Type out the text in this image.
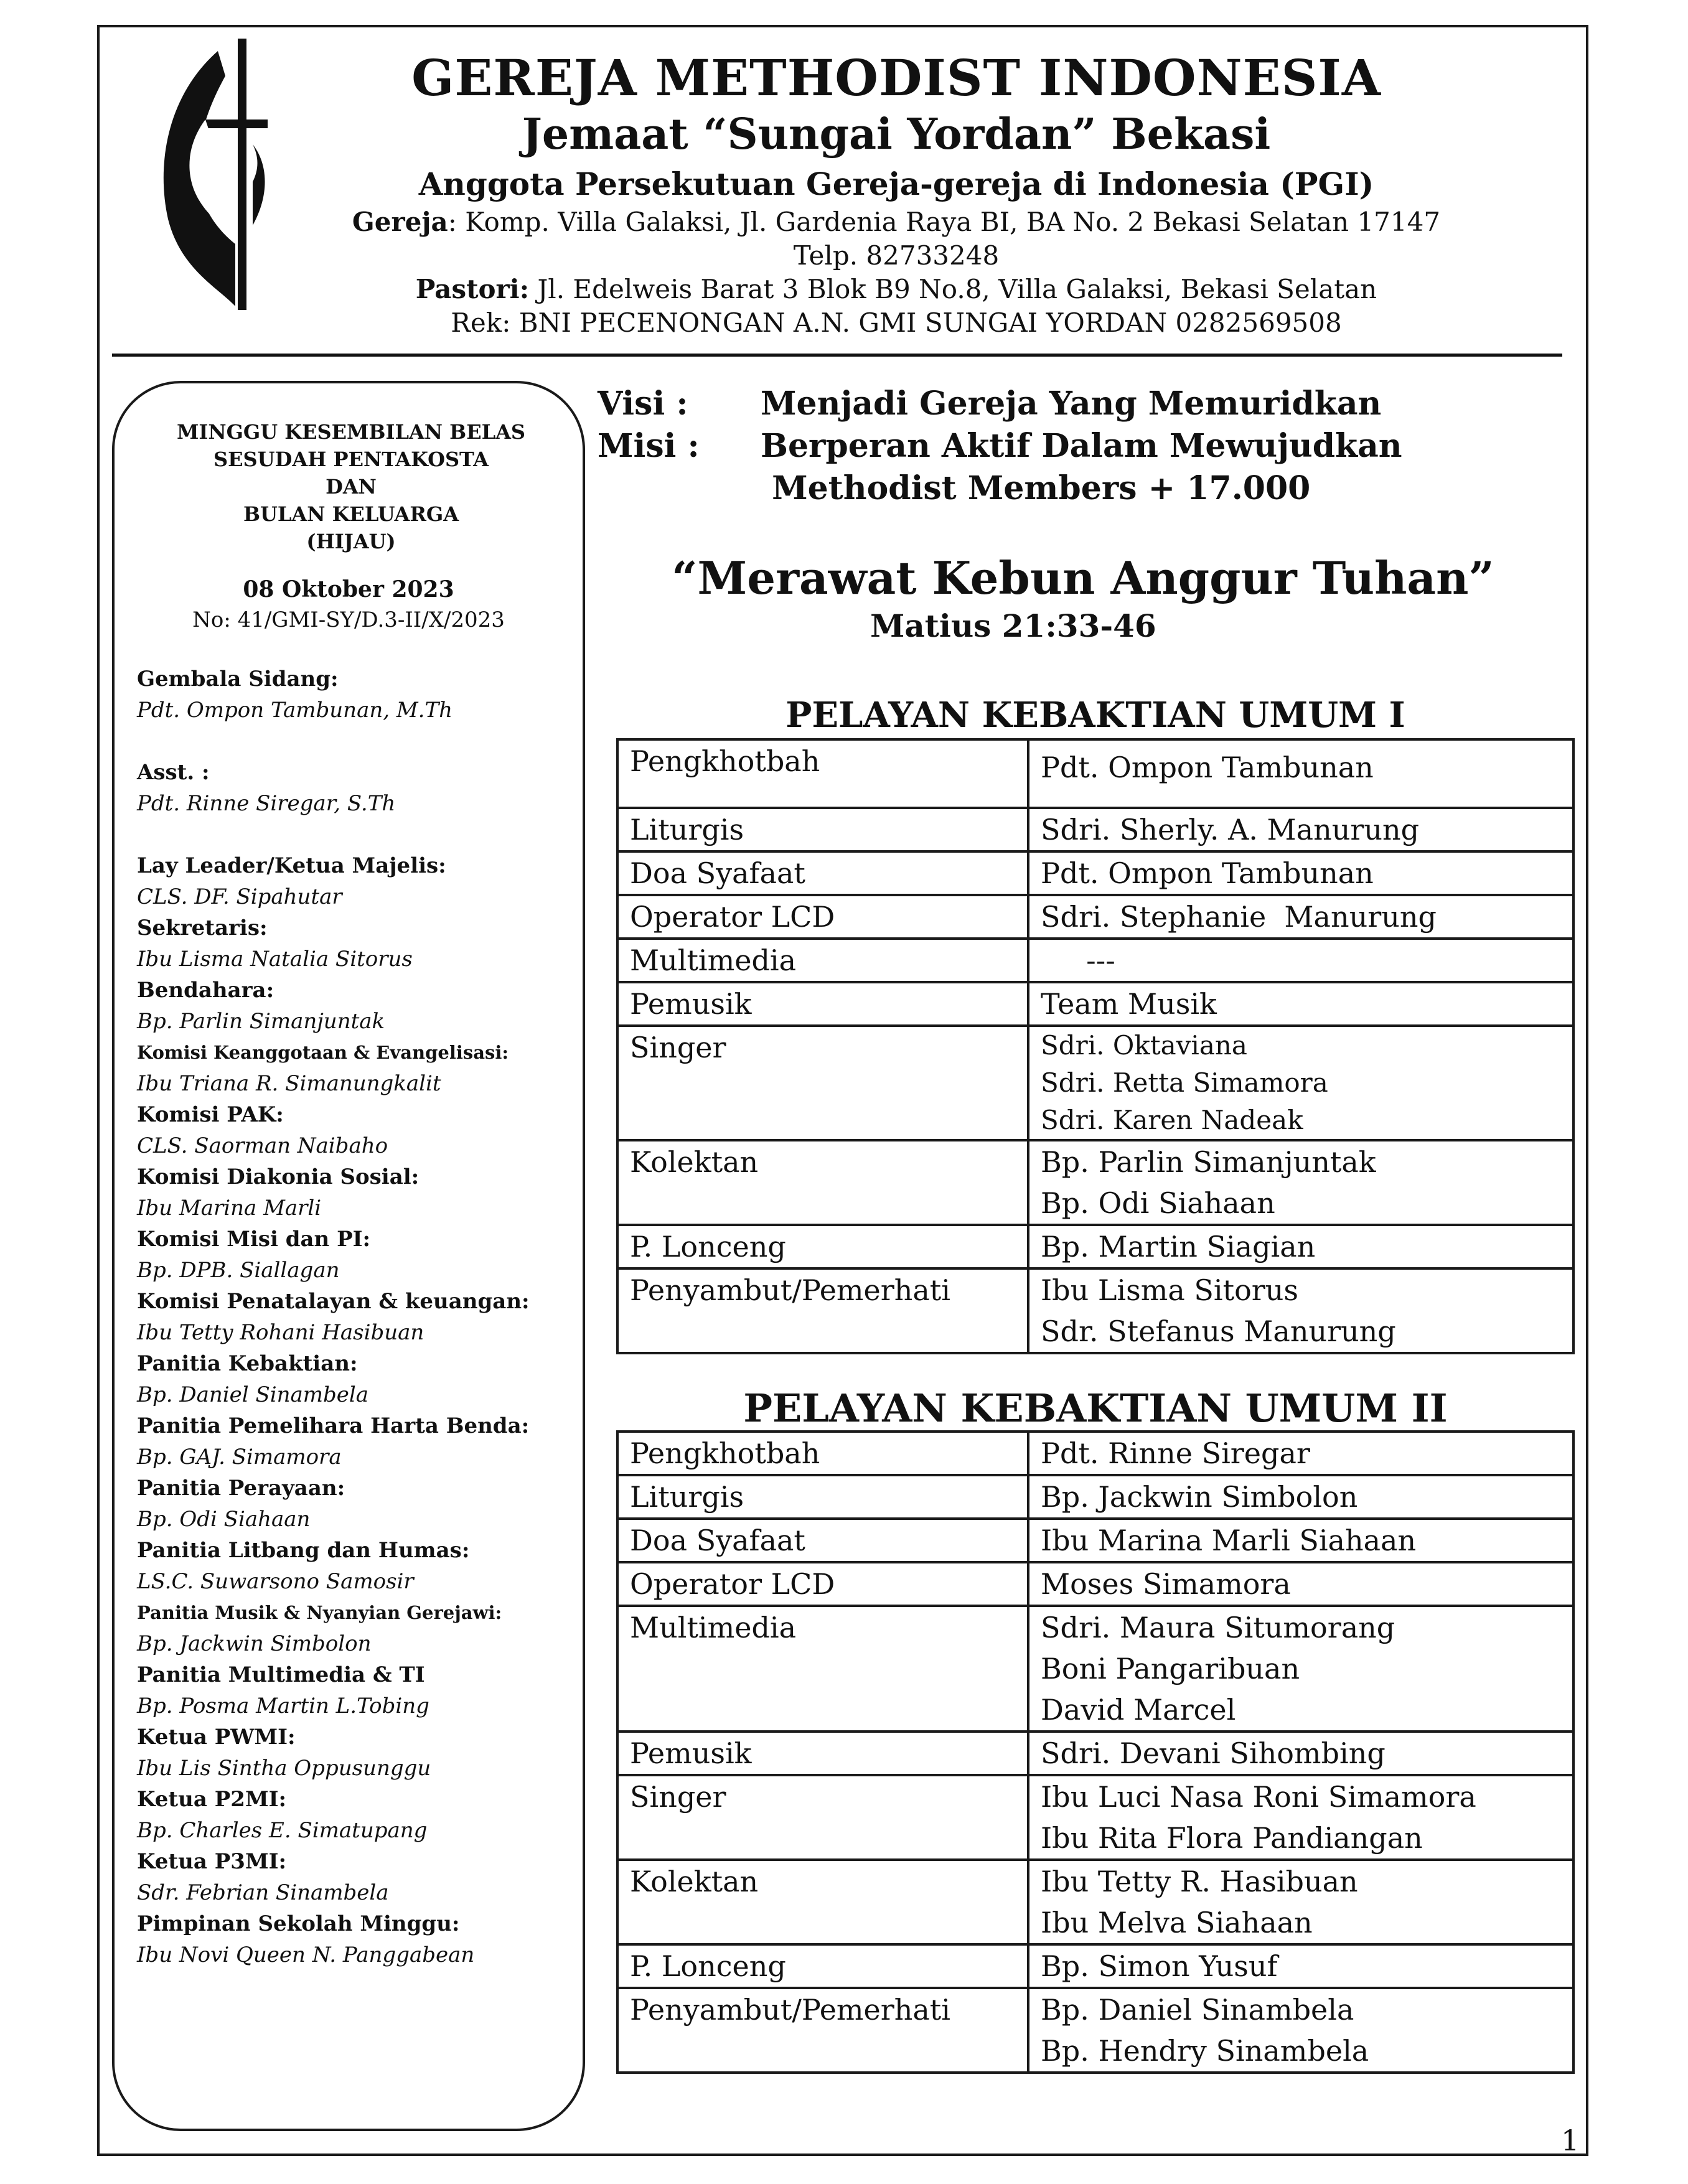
GEREJA METHODIST INDONESIA
Jemaat “Sungai Yordan” Bekasi
Anggota Persekutuan Gereja-gereja di Indonesia (PGI)
Gereja: Komp. Villa Galaksi, Jl. Gardenia Raya BI, BA No. 2 Bekasi Selatan 17147
Telp. 82733248
Pastori: Jl. Edelweis Barat 3 Blok B9 No.8, Villa Galaksi, Bekasi Selatan
Rek: BNI PECENONGAN A.N. GMI SUNGAI YORDAN 0282569508
MINGGU KESEMBILAN BELAS
SESUDAH PENTAKOSTA
DAN
BULAN KELUARGA
(HIJAU)
08 Oktober 2023
No: 41/GMI-SY/D.3-II/X/2023
Gembala Sidang:
Pdt. Ompon Tambunan, M.Th
Asst. :
Pdt. Rinne Siregar, S.Th
Lay Leader/Ketua Majelis:
CLS. DF. Sipahutar
Sekretaris:
Ibu Lisma Natalia Sitorus
Bendahara:
Bp. Parlin Simanjuntak
Komisi Keanggotaan & Evangelisasi:
Ibu Triana R. Simanungkalit
Komisi PAK:
CLS. Saorman Naibaho
Komisi Diakonia Sosial:
Ibu Marina Marli
Komisi Misi dan PI:
Bp. DPB. Siallagan
Komisi Penatalayan & keuangan:
Ibu Tetty Rohani Hasibuan
Panitia Kebaktian:
Bp. Daniel Sinambela
Panitia Pemelihara Harta Benda:
Bp. GAJ. Simamora
Panitia Perayaan:
Bp. Odi Siahaan
Panitia Litbang dan Humas:
LS.C. Suwarsono Samosir
Panitia Musik & Nyanyian Gerejawi:
Bp. Jackwin Simbolon
Panitia Multimedia & TI
Bp. Posma Martin L.Tobing
Ketua PWMI:
Ibu Lis Sintha Oppusunggu
Ketua P2MI:
Bp. Charles E. Simatupang
Ketua P3MI:
Sdr. Febrian Sinambela
Pimpinan Sekolah Minggu:
Ibu Novi Queen N. Panggabean
Visi : Menjadi Gereja Yang Memuridkan
Misi : Berperan Aktif Dalam Mewujudkan
Methodist Members + 17.000
“Merawat Kebun Anggur Tuhan”
Matius 21:33-46
PELAYAN KEBAKTIAN UMUM I
Pengkhotbah	Pdt. Ompon Tambunan

Liturgis	Sdri. Sherly. A. Manurung

Doa Syafaat	Pdt. Ompon Tambunan

Operator LCD	Sdri. Stephanie  Manurung

Multimedia	---

Pemusik	Team Musik

Singer	Sdri. Oktaviana
Sdri. Retta Simamora
Sdri. Karen Nadeak

Kolektan	Bp. Parlin Simanjuntak
Bp. Odi Siahaan

P. Lonceng	Bp. Martin Siagian

Penyambut/Pemerhati	Ibu Lisma Sitorus
Sdr. Stefanus Manurung
PELAYAN KEBAKTIAN UMUM II
Pengkhotbah	Pdt. Rinne Siregar

Liturgis	Bp. Jackwin Simbolon

Doa Syafaat	Ibu Marina Marli Siahaan

Operator LCD	Moses Simamora

Multimedia	Sdri. Maura Situmorang
Boni Pangaribuan
David Marcel

Pemusik	Sdri. Devani Sihombing

Singer	Ibu Luci Nasa Roni Simamora
Ibu Rita Flora Pandiangan

Kolektan	Ibu Tetty R. Hasibuan
Ibu Melva Siahaan

P. Lonceng	Bp. Simon Yusuf

Penyambut/Pemerhati	Bp. Daniel Sinambela
Bp. Hendry Sinambela
1
